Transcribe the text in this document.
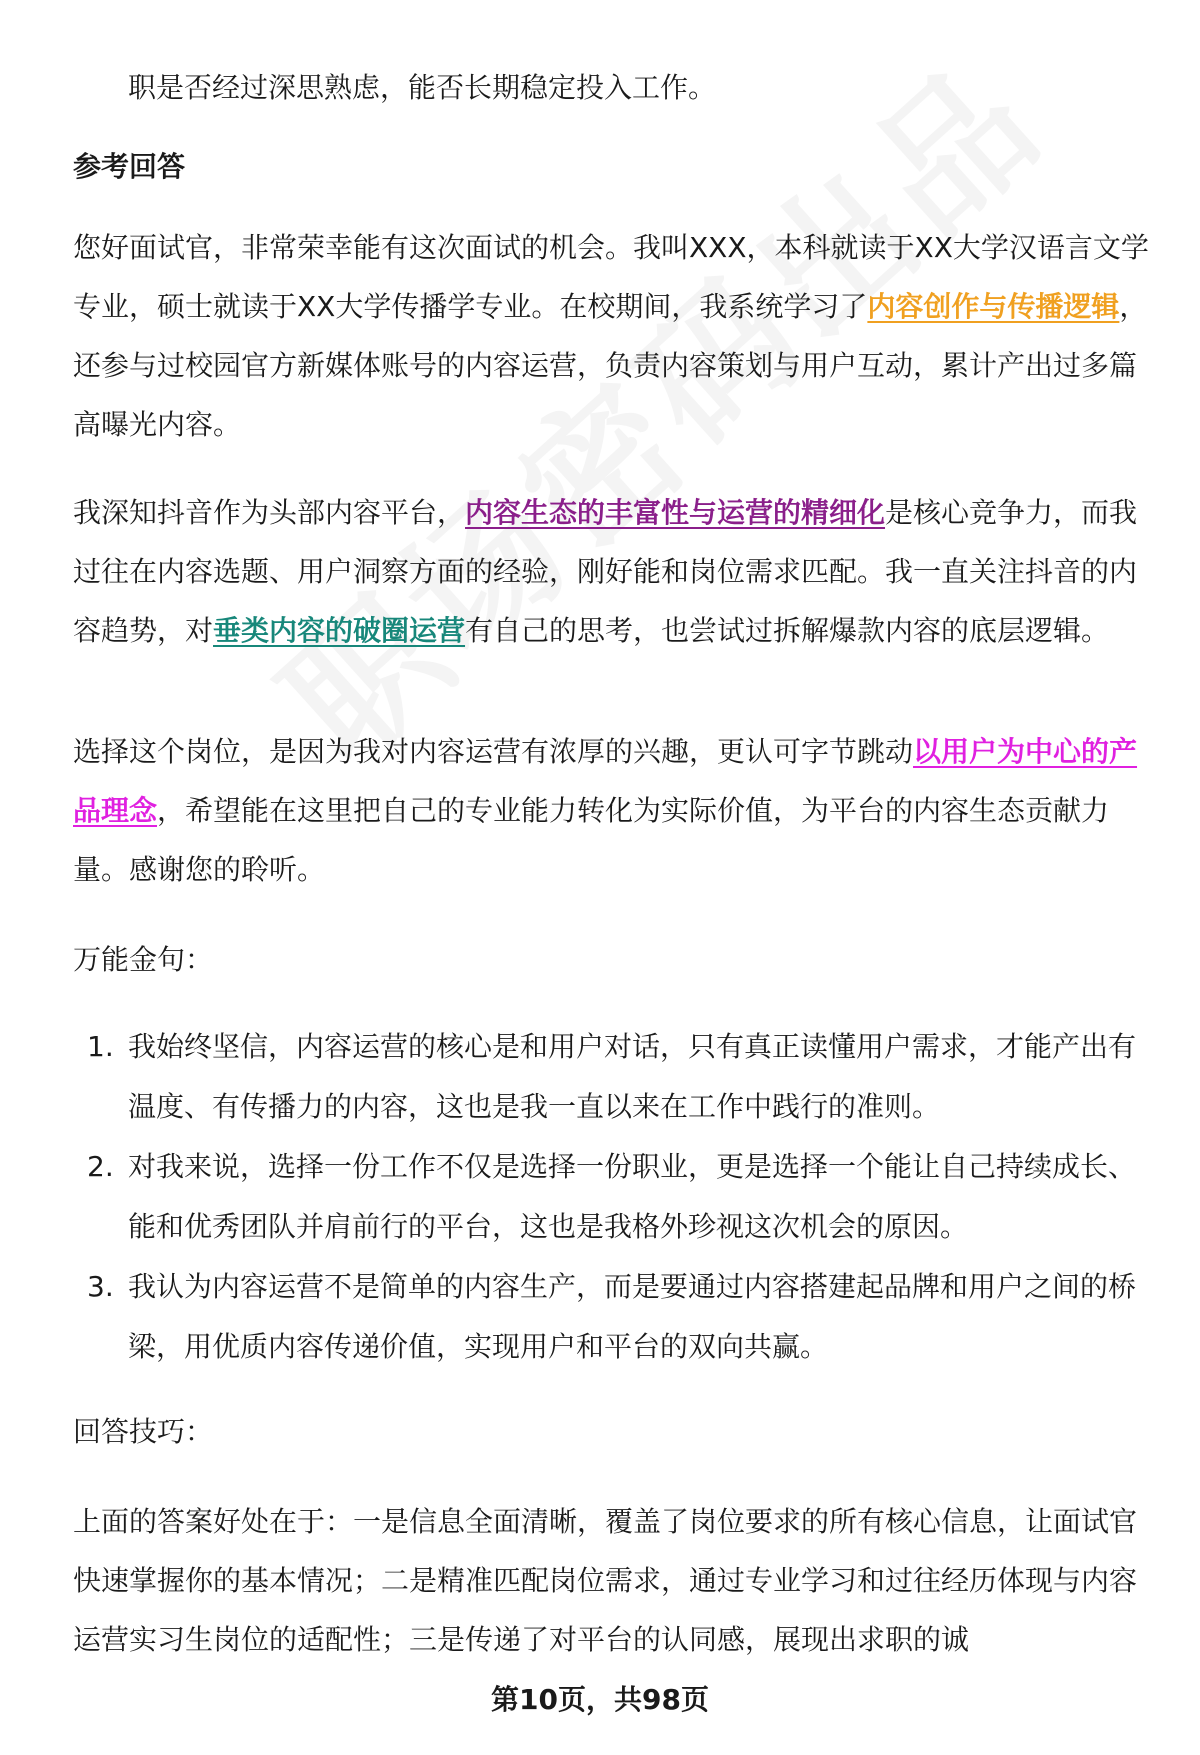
职是否经过深思熟虑，能否长期稳定投入工作。

参考回答

您好面试官，非常荣幸能有这次面试的机会。我叫XXX，本科就读于XX大学汉语言文学专业，硕士就读于XX大学传播学专业。在校期间，我系统学习了内容创作与传播逻辑，还参与过校园官方新媒体账号的内容运营，负责内容策划与用户互动，累计产出过多篇高曝光内容。

我深知抖音作为头部内容平台，内容生态的丰富性与运营的精细化是核心竞争力，而我过往在内容选题、用户洞察方面的经验，刚好能和岗位需求匹配。我一直关注抖音的内容趋势，对垂类内容的破圈运营有自己的思考，也尝试过拆解爆款内容的底层逻辑。

选择这个岗位，是因为我对内容运营有浓厚的兴趣，更认可字节跳动以用户为中心的产品理念，希望能在这里把自己的专业能力转化为实际价值，为平台的内容生态贡献力量。感谢您的聆听。

万能金句：

1. 我始终坚信，内容运营的核心是和用户对话，只有真正读懂用户需求，才能产出有温度、有传播力的内容，这也是我一直以来在工作中践行的准则。
2. 对我来说，选择一份工作不仅是选择一份职业，更是选择一个能让自己持续成长、能和优秀团队并肩前行的平台，这也是我格外珍视这次机会的原因。
3. 我认为内容运营不是简单的内容生产，而是要通过内容搭建起品牌和用户之间的桥梁，用优质内容传递价值，实现用户和平台的双向共赢。

回答技巧：

上面的答案好处在于：一是信息全面清晰，覆盖了岗位要求的所有核心信息，让面试官快速掌握你的基本情况；二是精准匹配岗位需求，通过专业学习和过往经历体现与内容运营实习生岗位的适配性；三是传递了对平台的认同感，展现出求职的诚

第10页，共98页
